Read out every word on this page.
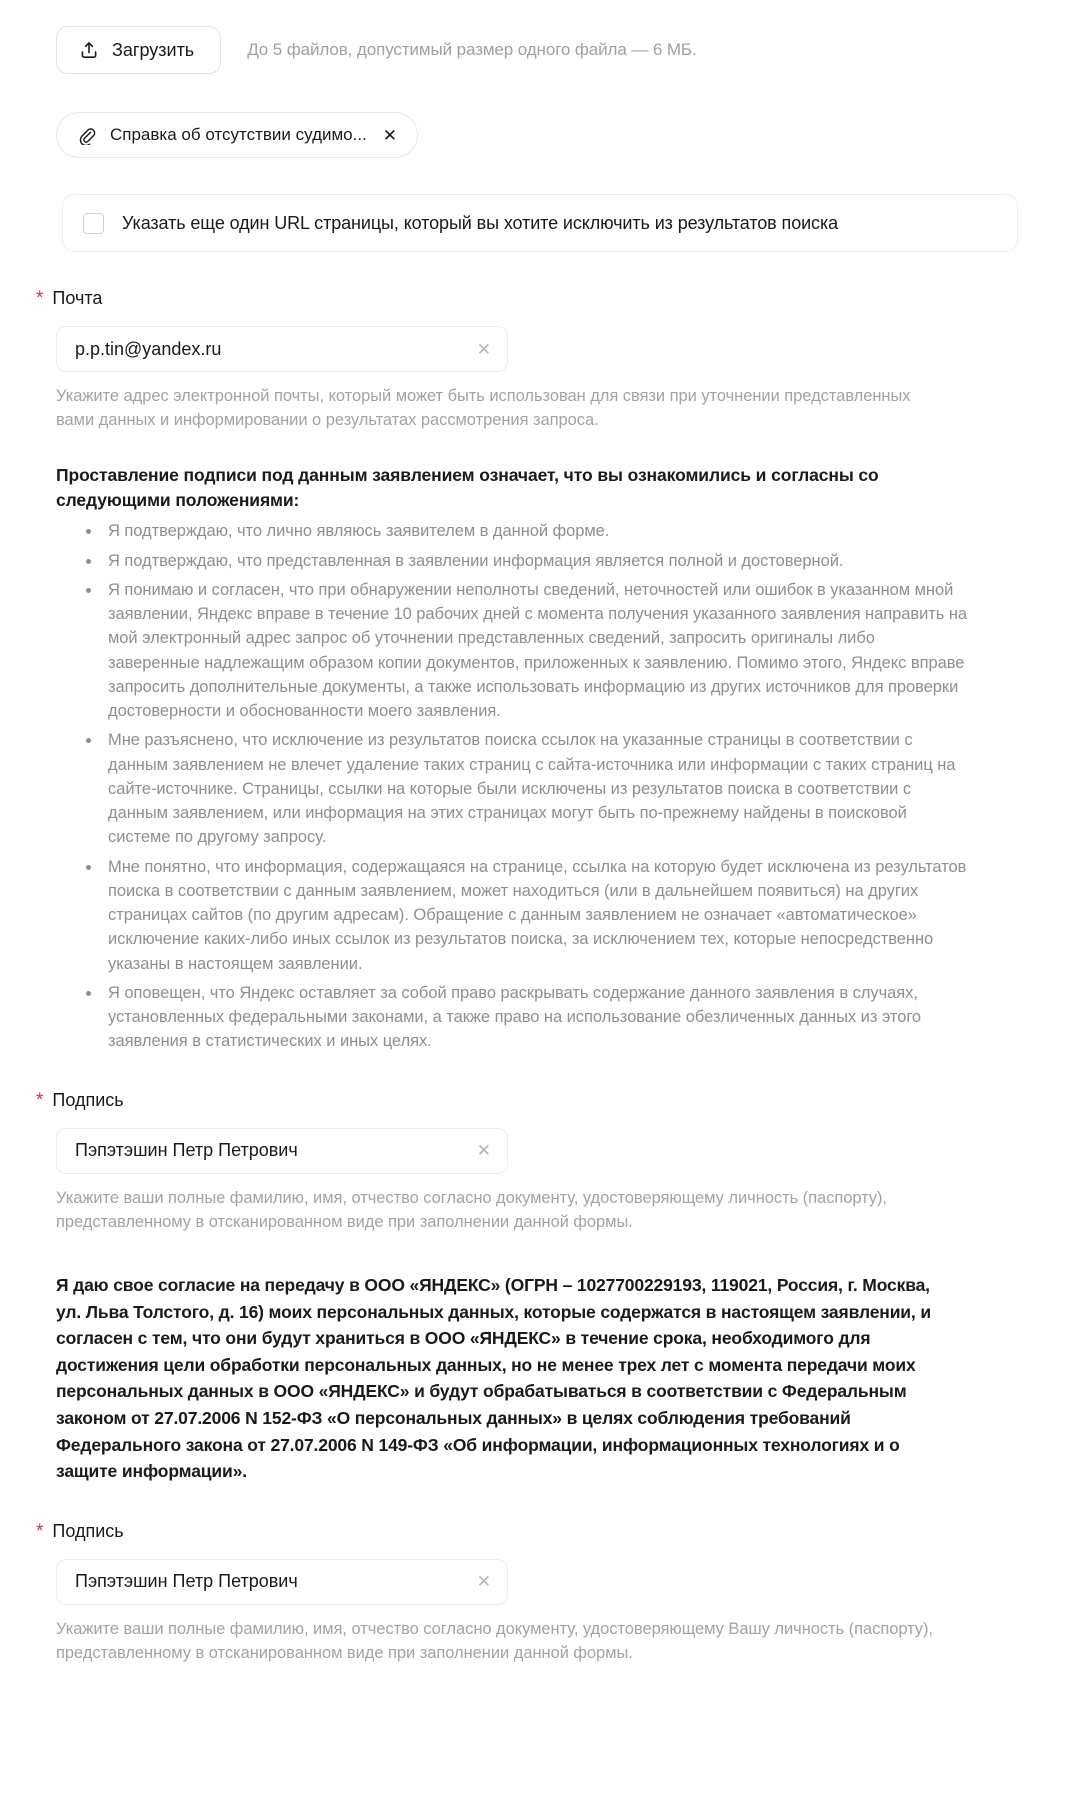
Загрузить	До 5 файлов, допустимый размер одного файла — 6 МБ.
Справка об отсутствии судимо... ✕
Указать еще один URL страницы, который вы хотите исключить из результатов поиска
* Почта
p.p.tin@yandex.ru
✕
Укажите адрес электронной почты, который может быть использован для связи при уточнении представленных вами данных и информировании о результатах рассмотрения запроса.
Проставление подписи под данным заявлением означает, что вы ознакомились и согласны со следующими положениями:
Я подтверждаю, что лично являюсь заявителем в данной форме.
Я подтверждаю, что представленная в заявлении информация является полной и достоверной.
Я понимаю и согласен, что при обнаружении неполноты сведений, неточностей или ошибок в указанном мной заявлении, Яндекс вправе в течение 10 рабочих дней с момента получения указанного заявления направить на мой электронный адрес запрос об уточнении представленных сведений, запросить оригиналы либо заверенные надлежащим образом копии документов, приложенных к заявлению. Помимо этого, Яндекс вправе запросить дополнительные документы, а также использовать информацию из других источников для проверки достоверности и обоснованности моего заявления.
Мне разъяснено, что исключение из результатов поиска ссылок на указанные страницы в соответствии с данным заявлением не влечет удаление таких страниц с сайта-источника или информации с таких страниц на сайте-источнике. Страницы, ссылки на которые были исключены из результатов поиска в соответствии с данным заявлением, или информация на этих страницах могут быть по-прежнему найдены в поисковой системе по другому запросу.
Мне понятно, что информация, содержащаяся на странице, ссылка на которую будет исключена из результатов поиска в соответствии с данным заявлением, может находиться (или в дальнейшем появиться) на других страницах сайтов (по другим адресам). Обращение с данным заявлением не означает «автоматическое» исключение каких-либо иных ссылок из результатов поиска, за исключением тех, которые непосредственно указаны в настоящем заявлении.
Я оповещен, что Яндекс оставляет за собой право раскрывать содержание данного заявления в случаях, установленных федеральными законами, а также право на использование обезличенных данных из этого заявления в статистических и иных целях.
* Подпись
Пэпэтэшин Петр Петрович
✕
Укажите ваши полные фамилию, имя, отчество согласно документу, удостоверяющему личность (паспорту), представленному в отсканированном виде при заполнении данной формы.
Я даю свое согласие на передачу в ООО «ЯНДЕКС» (ОГРН – 1027700229193, 119021, Россия, г. Москва, ул. Льва Толстого, д. 16) моих персональных данных, которые содержатся в настоящем заявлении, и согласен с тем, что они будут храниться в ООО «ЯНДЕКС» в течение срока, необходимого для достижения цели обработки персональных данных, но не менее трех лет с момента передачи моих персональных данных в ООО «ЯНДЕКС» и будут обрабатываться в соответствии с Федеральным законом от 27.07.2006 N 152-ФЗ «О персональных данных» в целях соблюдения требований Федерального закона от 27.07.2006 N 149-ФЗ «Об информации, информационных технологиях и о защите информации».
* Подпись
Пэпэтэшин Петр Петрович
✕
Укажите ваши полные фамилию, имя, отчество согласно документу, удостоверяющему Вашу личность (паспорту), представленному в отсканированном виде при заполнении данной формы.
